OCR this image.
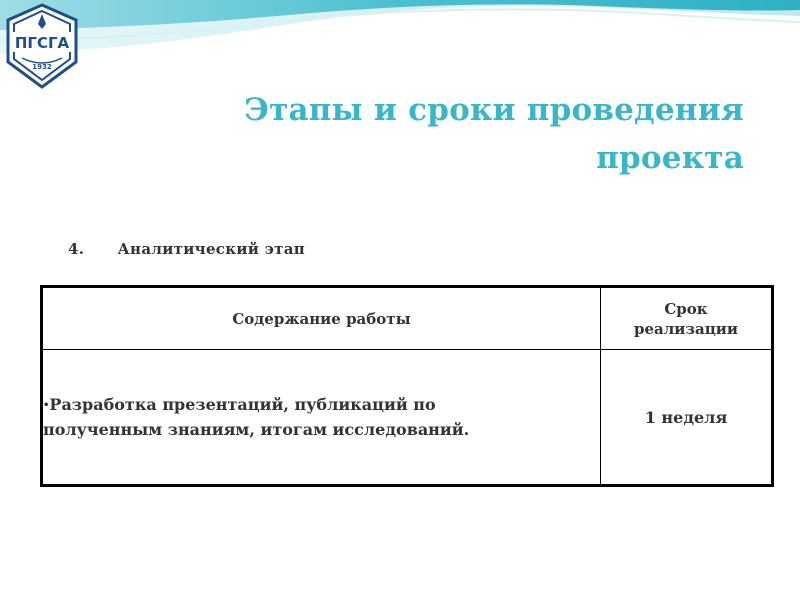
ПГСГА
1932
Этапы и сроки проведения
проекта
4. Аналитический этап
Содержание работы	Срок
реализации

•Разработка презентаций, публикаций по
полученным знаниям, итогам исследований.	1 неделя
